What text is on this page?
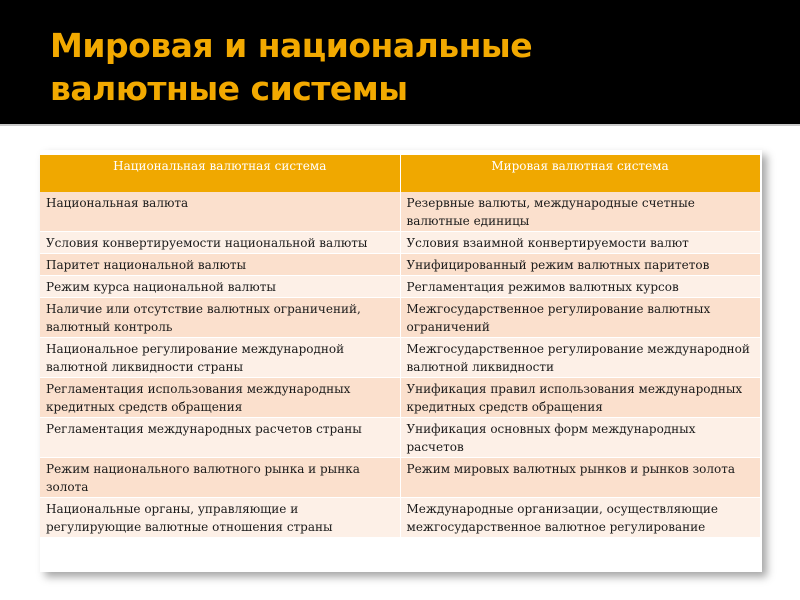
Мировая и национальные
валютные системы
Национальная валютная система	Мировая валютная система
Национальная валюта	Резервные валюты, международные счетные валютные единицы
Условия конвертируемости национальной валюты	Условия взаимной конвертируемости валют
Паритет национальной валюты	Унифицированный режим валютных паритетов
Режим курса национальной валюты	Регламентация режимов валютных курсов
Наличие или отсутствие валютных ограничений, валютный контроль	Межгосударственное регулирование валютных ограничений
Национальное регулирование международной валютной ликвидности страны	Межгосударственное регулирование международной валютной ликвидности
Регламентация использования международных кредитных средств обращения	Унификация правил использования международных кредитных средств обращения
Регламентация международных расчетов страны	Унификация основных форм международных расчетов
Режим национального валютного рынка и рынка золота	Режим мировых валютных рынков и рынков золота
Национальные органы, управляющие и регулирующие валютные отношения страны	Международные организации, осуществляющие межгосударственное валютное регулирование
